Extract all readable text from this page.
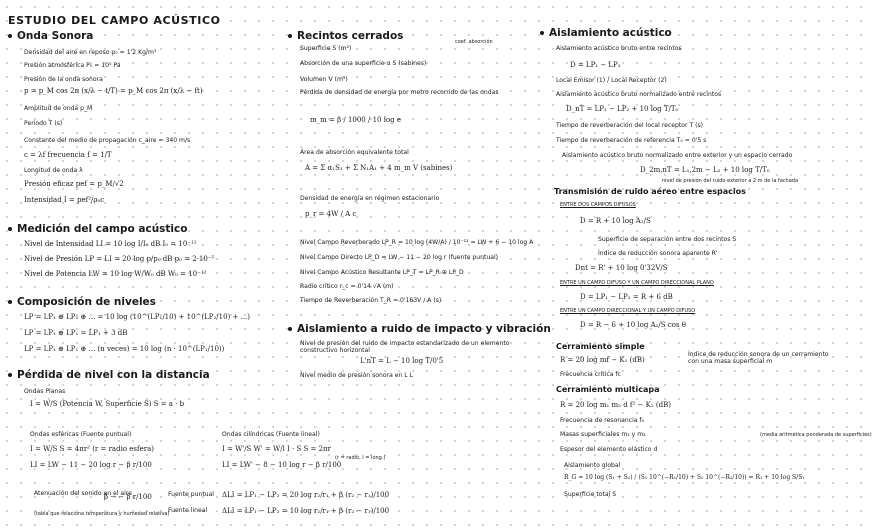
ESTUDIO DEL CAMPO ACÚSTICO
Onda Sonora
Densidad del aire en reposo ρ₀ = 1'2 Kg/m³
Presión atmosférica P₀ = 10⁵ Pa
Presión de la onda sonora
p = p_M cos 2π (x/λ − t/T) = p_M cos 2π (x/λ − ft)
Amplitud de onda p_M
Periodo T (s)
Constante del medio de propagación c_aire = 340 m/s
c = λf frecuencia f = 1/T
Longitud de onda λ
Presión eficaz pef = p_M/√2
Intensidad I = pef²/ρ₀c
Medición del campo acústico
Nivel de Intensidad LI = 10 log I/I₀ dB I₀ = 10⁻¹²
Nivel de Presión LP = LI = 20 log p/p₀ dB p₀ = 2·10⁻⁵
Nivel de Potencia LW = 10 log W/W₀ dB W₀ = 10⁻¹²
Composición de niveles
LP = LP₁ ⊕ LP₂ ⊕ ... = 10 log (10^(LP₁/10) + 10^(LP₂/10) + ...)
LP = LP₁ ⊕ LP₁ = LP₁ + 3 dB
LP = LP₁ ⊕ LP₁ ⊕ ... (n veces) = 10 log (n · 10^(LP₁/10))
Pérdida de nivel con la distancia
Ondas Planas
I = W/S (Potencia W, Superficie S) S = a · b
Ondas esféricas (Fuente puntual)
I = W/S S = 4πr² (r = radio esfera)
LI = LW − 11 − 20 log r − β r/100
Ondas cilíndricas (Fuente lineal)
I = W'/S W' = W/l I · S S = 2πr
(r = radio, l = long.)
LI = LW' − 8 − 10 log r − β r/100
Atenuación del sonido en el aire
(tabla que relaciona temperatura y humedad relativa)
β → − β r/100	Fuente puntual ΔLI = LP₁ − LP₂ = 20 log r₂/r₁ + β (r₂ − r₁)/100
Fuente lineal ΔLI = LP₁ − LP₂ = 10 log r₂/r₁ + β (r₂ − r₁)/100
Recintos cerrados
Superficie S (m²)
coef. absorción
Absorción de una superficie α S (sabines)
Volumen V (m³)
Pérdida de densidad de energía por metro recorrido de las ondas
m_m = β / 1000 / 10 log e
Área de absorción equivalente total
A = Σ α₁S₁ + Σ N₁A₁ + 4 m_m V (sabines)
Densidad de energía en régimen estacionario
p_r = 4W / A c
Nivel Campo Reverberado LP_R = 10 log (4W/A) / 10⁻¹² = LW + 6 − 10 log A
Nivel Campo Directo LP_D = LW − 11 − 20 log r (fuente puntual)
Nivel Campo Acústico Resultante LP_T = LP_R ⊕ LP_D
Radio crítico r_c = 0'14 √A (m)
Tiempo de Reverberación T_R = 0'163V / A (s)
Aislamiento a ruido de impacto y vibración
Nivel de presión del ruido de impacto estandarizado de un elemento constructivo horizontal
L'nT = L − 10 log T/0'5
Nivel medio de presión sonora en L L
Aislamiento acústico
Aislamiento acústico bruto entre recintos
D = LP₁ − LP₂
Local Emisor (1) / Local Receptor (2)
Aislamiento acústico bruto normalizado entre recintos
D_nT = LP₁ − LP₂ + 10 log T/T₀
Tiempo de reverberación del local receptor T (s)
Tiempo de reverberación de referencia T₀ = 0'5 s
Aislamiento acústico bruto normalizado entre exterior y un espacio cerrado
D_2m,nT = L₁,2m − L₂ + 10 log T/T₀
nivel de presión del ruido exterior a 2 m de la fachada
Transmisión de ruido aéreo entre espacios
ENTRE DOS CAMPOS DIFUSOS
D = R + 10 log A₂/S
Superficie de separación entre dos recintos S
Índice de reducción sonora aparente R'
Dnt = R' + 10 log 0'32V/S
ENTRE UN CAMPO DIFUSO Y UN CAMPO DIRECCIONAL PLANO
D = LP₁ − LP₂ = R + 6 dB
ENTRE UN CAMPO DIRECCIONAL Y UN CAMPO DIFUSO
D = R − 6 + 10 log A₂/S cos θ
Cerramiento simple
R = 20 log mf − K₁ (dB)
Índice de reducción sonora de un cerramiento con una masa superficial m
Frecuencia crítica fc
Cerramiento multicapa
R = 20 log m₁ m₂ d f² − K₂ (dB)
Frecuencia de resonancia f₀
Masas superficiales m₁ y m₂
Espesor del elemento elástico d
Aislamiento global
R_G = 10 log (S₁ + S₂) / (S₁ 10^(−R₁/10) + S₂ 10^(−R₂/10)) = R₁ + 10 log S/S₁
(media aritmética ponderada de superficies)
Superficie total S
